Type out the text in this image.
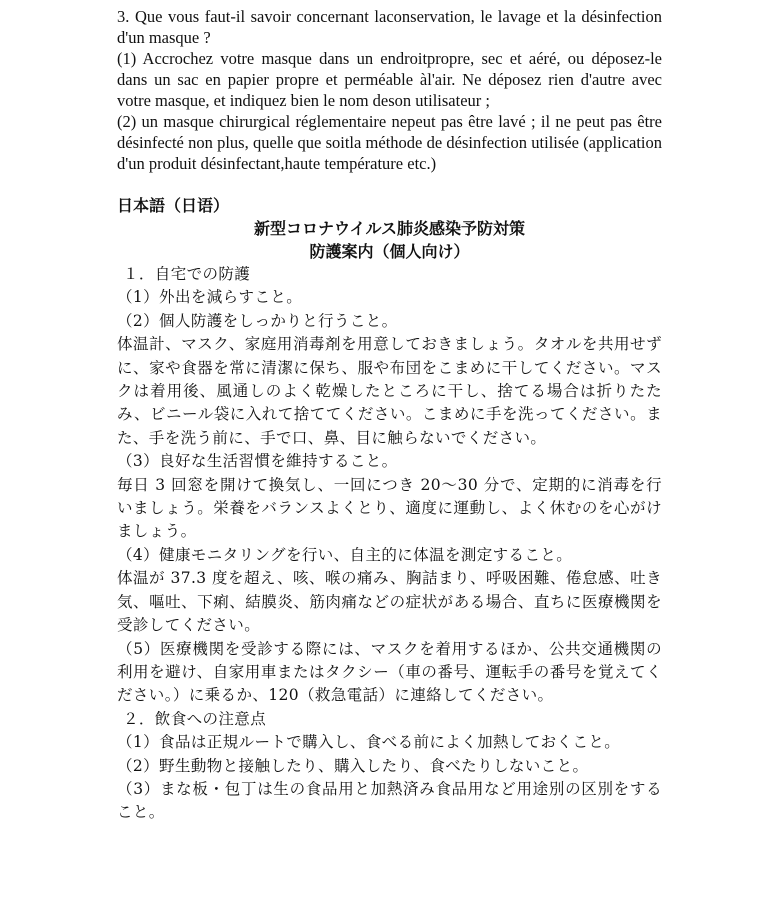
3. Que vous faut-il savoir concernant laconservation, le lavage et la désinfection d'un masque ?

(1) Accrochez votre masque dans un endroitpropre, sec et aéré, ou déposez-le dans un sac en papier propre et perméable àl'air. Ne déposez rien d'autre avec votre masque, et indiquez bien le nom deson utilisateur ;

(2) un masque chirurgical réglementaire nepeut pas être lavé ; il ne peut pas être désinfecté non plus, quelle que soitla méthode de désinfection utilisée (application d'un produit désinfectant,haute température etc.)

日本語（日语）

新型コロナウイルス肺炎感染予防対策

防護案内（個人向け）

１．自宅での防護

（1）外出を減らすこと。

（2）個人防護をしっかりと行うこと。

体温計、マスク、家庭用消毒剤を用意しておきましょう。タオルを共用せずに、家や食器を常に清潔に保ち、服や布団をこまめに干してください。マスクは着用後、風通しのよく乾燥したところに干し、捨てる場合は折りたたみ、ビニール袋に入れて捨ててください。こまめに手を洗ってください。また、手を洗う前に、手で口、鼻、目に触らないでください。

（3）良好な生活習慣を維持すること。

毎日 3 回窓を開けて換気し、一回につき 20～30 分で、定期的に消毒を行いましょう。栄養をバランスよくとり、適度に運動し、よく休むのを心がけましょう。

（4）健康モニタリングを行い、自主的に体温を測定すること。

体温が 37.3 度を超え、咳、喉の痛み、胸詰まり、呼吸困難、倦怠感、吐き気、嘔吐、下痢、結膜炎、筋肉痛などの症状がある場合、直ちに医療機関を受診してください。

（5）医療機関を受診する際には、マスクを着用するほか、公共交通機関の利用を避け、自家用車またはタクシー（車の番号、運転手の番号を覚えてください。）に乗るか、120（救急電話）に連絡してください。

２．飲食への注意点

（1）食品は正規ルートで購入し、食べる前によく加熱しておくこと。

（2）野生動物と接触したり、購入したり、食べたりしないこと。

（3）まな板・包丁は生の食品用と加熱済み食品用など用途別の区別をすること。
